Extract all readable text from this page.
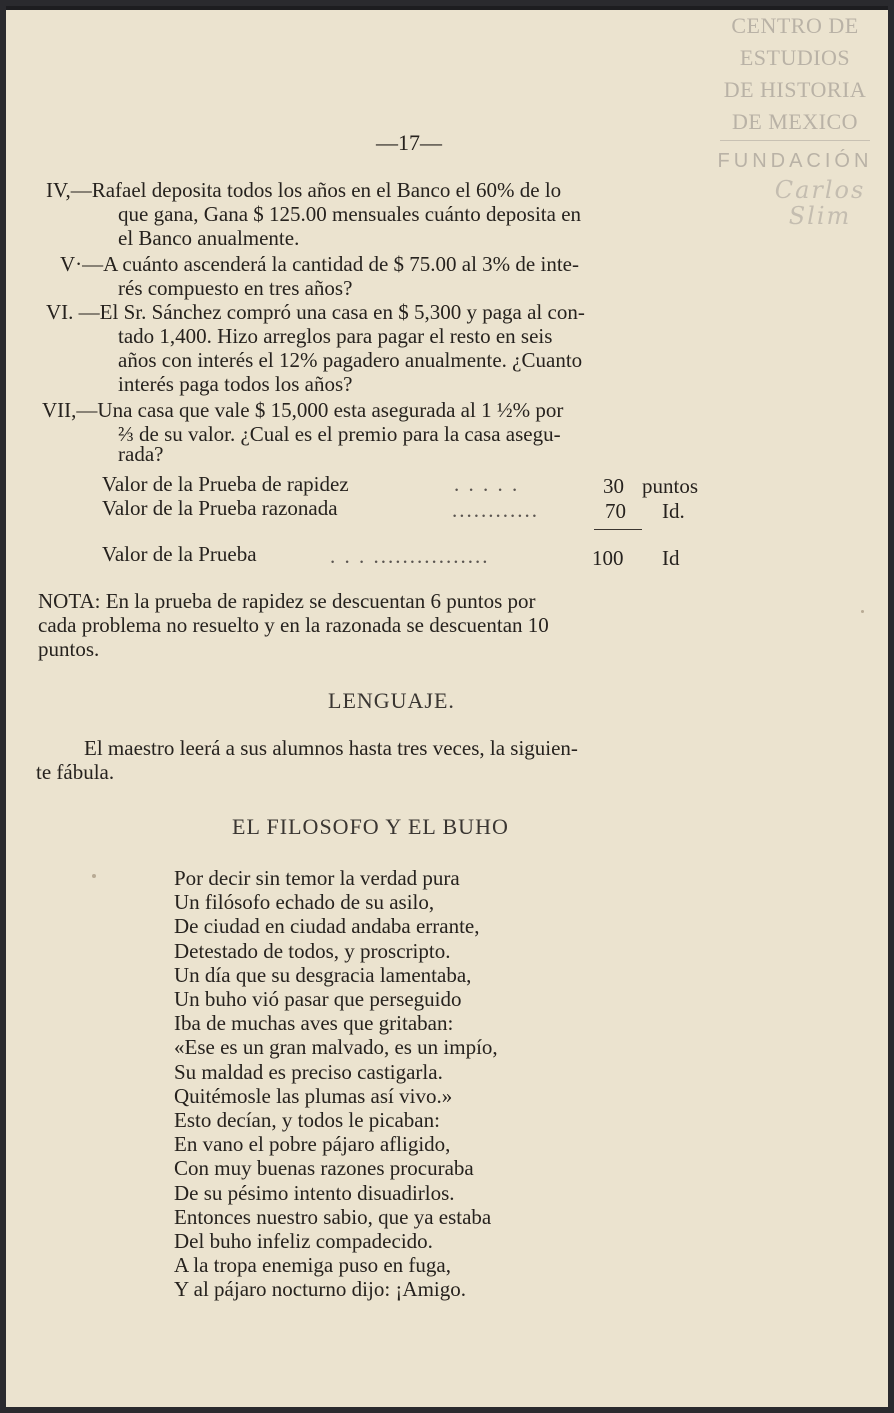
CENTRO DE
ESTUDIOS
DE HISTORIA
DE MEXICO
FUNDACIÓN
Carlos Slim
—17—
IV,—Rafael deposita todos los años en el Banco el 60% de lo
que gana, Gana $ 125.00 mensuales cuánto deposita en
el Banco anualmente.
V·—A cuánto ascenderá la cantidad de $ 75.00 al 3% de inte-
rés compuesto en tres años?
VI. —El Sr. Sánchez compró una casa en $ 5,300 y paga al con-
tado 1,400. Hizo arreglos para pagar el resto en seis
años con interés el 12% pagadero anualmente. ¿Cuanto
interés paga todos los años?
VII,—Una casa que vale $ 15,000 esta asegurada al 1 ½% por
⅔ de su valor. ¿Cual es el premio para la casa asegu-
rada?
Valor de la Prueba de rapidez	. . . . .	30 puntos
Valor de la Prueba razonada	............	70 Id.
Valor de la Prueba	. . . ................	100 Id
NOTA: En la prueba de rapidez se descuentan 6 puntos por
cada problema no resuelto y en la razonada se descuentan 10
puntos.
LENGUAJE.
El maestro leerá a sus alumnos hasta tres veces, la siguien-
te fábula.
EL FILOSOFO Y EL BUHO
Por decir sin temor la verdad pura
Un filósofo echado de su asilo,
De ciudad en ciudad andaba errante,
Detestado de todos, y proscripto.
Un día que su desgracia lamentaba,
Un buho vió pasar que perseguido
Iba de muchas aves que gritaban:
«Ese es un gran malvado, es un impío,
Su maldad es preciso castigarla.
Quitémosle las plumas así vivo.»
Esto decían, y todos le picaban:
En vano el pobre pájaro afligido,
Con muy buenas razones procuraba
De su pésimo intento disuadirlos.
Entonces nuestro sabio, que ya estaba
Del buho infeliz compadecido.
A la tropa enemiga puso en fuga,
Y al pájaro nocturno dijo: ¡Amigo.
